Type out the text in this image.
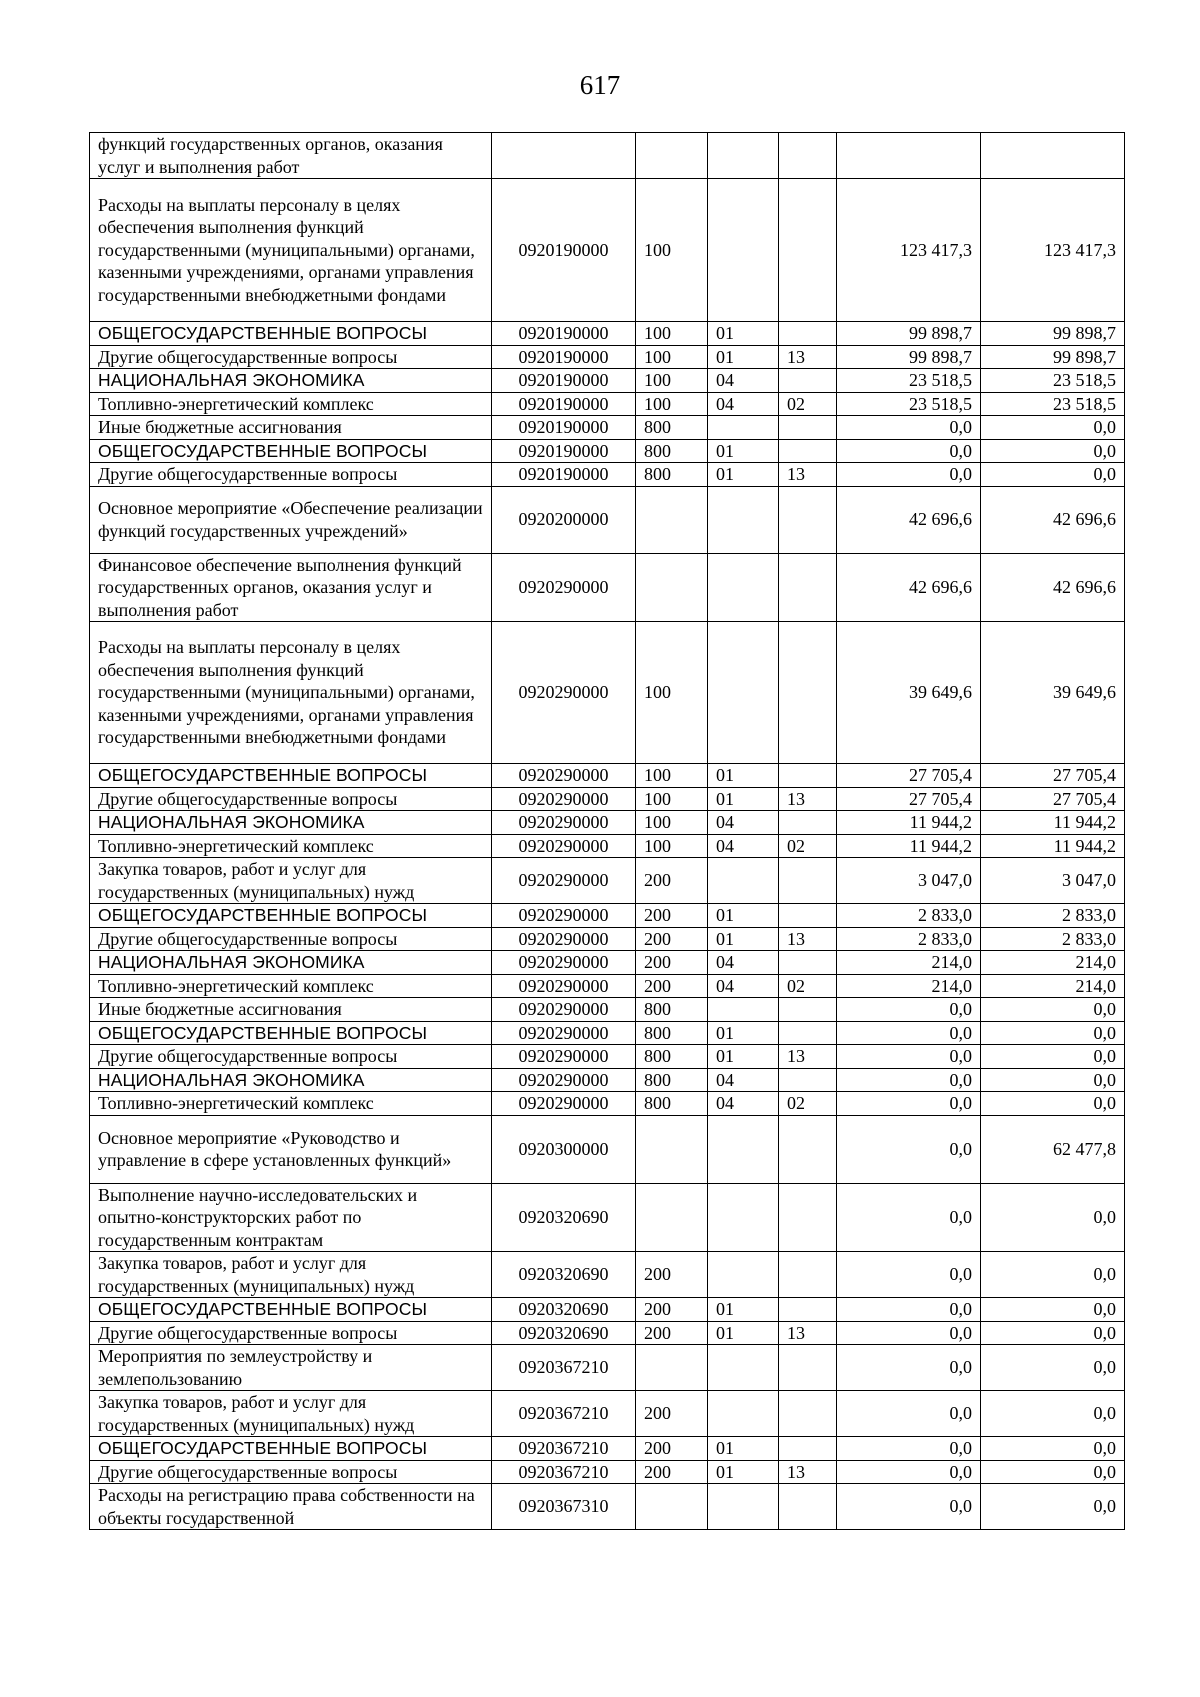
617
функций государственных органов, оказания услуг и выполнения работ						
Расходы на выплаты персоналу в целях обеспечения выполнения функций государственными (муниципальными) органами, казенными учреждениями, органами управления государственными внебюджетными фондами	0920190000	100			123 417,3	123 417,3
ОБЩЕГОСУДАРСТВЕННЫЕ ВОПРОСЫ	0920190000	100	01		99 898,7	99 898,7
Другие общегосударственные вопросы	0920190000	100	01	13	99 898,7	99 898,7
НАЦИОНАЛЬНАЯ ЭКОНОМИКА	0920190000	100	04		23 518,5	23 518,5
Топливно-энергетический комплекс	0920190000	100	04	02	23 518,5	23 518,5
Иные бюджетные ассигнования	0920190000	800			0,0	0,0
ОБЩЕГОСУДАРСТВЕННЫЕ ВОПРОСЫ	0920190000	800	01		0,0	0,0
Другие общегосударственные вопросы	0920190000	800	01	13	0,0	0,0
Основное мероприятие «Обеспечение реализации функций государственных учреждений»	0920200000				42 696,6	42 696,6
Финансовое обеспечение выполнения функций государственных органов, оказания услуг и выполнения работ	0920290000				42 696,6	42 696,6
Расходы на выплаты персоналу в целях обеспечения выполнения функций государственными (муниципальными) органами, казенными учреждениями, органами управления государственными внебюджетными фондами	0920290000	100			39 649,6	39 649,6
ОБЩЕГОСУДАРСТВЕННЫЕ ВОПРОСЫ	0920290000	100	01		27 705,4	27 705,4
Другие общегосударственные вопросы	0920290000	100	01	13	27 705,4	27 705,4
НАЦИОНАЛЬНАЯ ЭКОНОМИКА	0920290000	100	04		11 944,2	11 944,2
Топливно-энергетический комплекс	0920290000	100	04	02	11 944,2	11 944,2
Закупка товаров, работ и услуг для государственных (муниципальных) нужд	0920290000	200			3 047,0	3 047,0
ОБЩЕГОСУДАРСТВЕННЫЕ ВОПРОСЫ	0920290000	200	01		2 833,0	2 833,0
Другие общегосударственные вопросы	0920290000	200	01	13	2 833,0	2 833,0
НАЦИОНАЛЬНАЯ ЭКОНОМИКА	0920290000	200	04		214,0	214,0
Топливно-энергетический комплекс	0920290000	200	04	02	214,0	214,0
Иные бюджетные ассигнования	0920290000	800			0,0	0,0
ОБЩЕГОСУДАРСТВЕННЫЕ ВОПРОСЫ	0920290000	800	01		0,0	0,0
Другие общегосударственные вопросы	0920290000	800	01	13	0,0	0,0
НАЦИОНАЛЬНАЯ ЭКОНОМИКА	0920290000	800	04		0,0	0,0
Топливно-энергетический комплекс	0920290000	800	04	02	0,0	0,0
Основное мероприятие «Руководство и управление в сфере установленных функций»	0920300000				0,0	62 477,8
Выполнение научно-исследовательских и опытно-конструкторских работ по государственным контрактам	0920320690				0,0	0,0
Закупка товаров, работ и услуг для государственных (муниципальных) нужд	0920320690	200			0,0	0,0
ОБЩЕГОСУДАРСТВЕННЫЕ ВОПРОСЫ	0920320690	200	01		0,0	0,0
Другие общегосударственные вопросы	0920320690	200	01	13	0,0	0,0
Мероприятия по землеустройству и землепользованию	0920367210				0,0	0,0
Закупка товаров, работ и услуг для государственных (муниципальных) нужд	0920367210	200			0,0	0,0
ОБЩЕГОСУДАРСТВЕННЫЕ ВОПРОСЫ	0920367210	200	01		0,0	0,0
Другие общегосударственные вопросы	0920367210	200	01	13	0,0	0,0
Расходы на регистрацию права собственности на объекты государственной	0920367310				0,0	0,0
